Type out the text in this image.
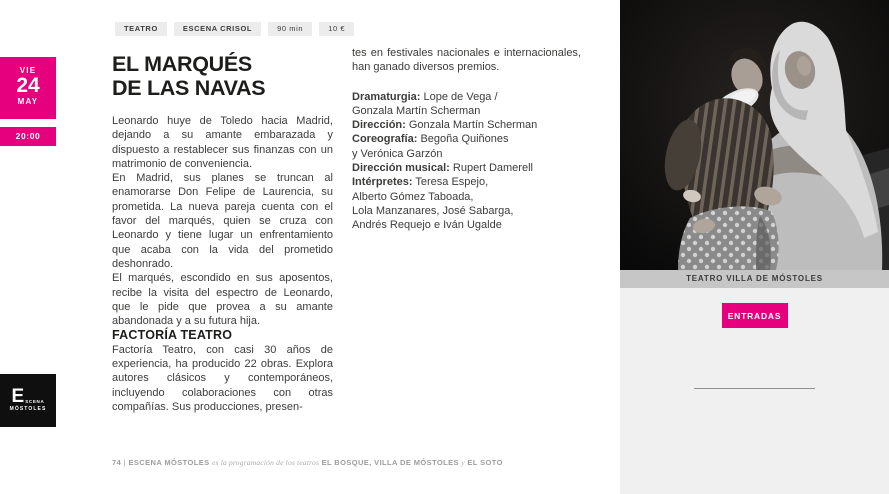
VIE
24
MAY
20:00
E SCENA
MÓSTOLES
TEATRO	ESCENA CRISOL	90 min	10 €
EL MARQUÉS
DE LAS NAVAS

Leonardo huye de Toledo hacia Madrid, dejando a su amante embarazada y dispuesto a restablecer sus finanzas con un matrimonio de conveniencia.

En Madrid, sus planes se truncan al enamorarse Don Felipe de Laurencia, su prometida. La nueva pareja cuenta con el favor del marqués, quien se cruza con Leonardo y tiene lugar un enfrentamiento que acaba con la vida del prometido deshonrado.

El marqués, escondido en sus aposentos, recibe la visita del espectro de Leonardo, que le pide que provea a su amante abandonada y a su futura hija.

FACTORÍA TEATRO

Factoría Teatro, con casi 30 años de experiencia, ha producido 22 obras. Explora autores clásicos y contemporáneos, incluyendo colaboraciones con otras compañías. Sus producciones, presen-

tes en festivales nacionales e internacionales, han ganado diversos premios.

Dramaturgia: Lope de Vega /
Gonzala Martín Scherman
Dirección: Gonzala Martín Scherman
Coreografía: Begoña Quiñones
y Verónica Garzón
Dirección musical: Rupert Damerell
Intérpretes: Teresa Espejo,
Alberto Gómez Taboada,
Lola Manzanares, José Sabarga,
Andrés Requejo e Iván Ugalde
74 | ESCENA MÓSTOLES es la programación de los teatros EL BOSQUE, VILLA DE MÓSTOLES y EL SOTO
TEATRO VILLA DE MÓSTOLES
ENTRADAS
